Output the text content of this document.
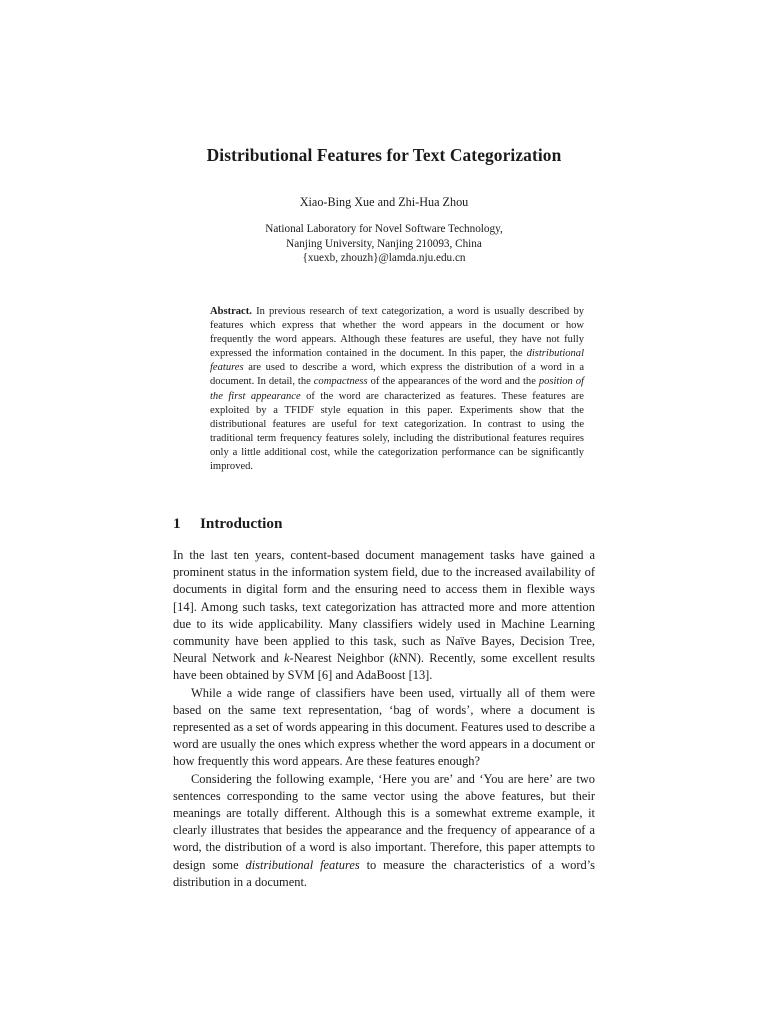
Distributional Features for Text Categorization
Xiao-Bing Xue and Zhi-Hua Zhou
National Laboratory for Novel Software Technology,
Nanjing University, Nanjing 210093, China
{xuexb, zhouzh}@lamda.nju.edu.cn

Abstract. In previous research of text categorization, a word is usually described by features which express that whether the word appears in the document or how frequently the word appears. Although these features are useful, they have not fully expressed the information contained in the document. In this paper, the distributional features are used to describe a word, which express the distribution of a word in a document. In detail, the compactness of the appearances of the word and the position of the first appearance of the word are characterized as features. These features are exploited by a TFIDF style equation in this paper. Experiments show that the distributional features are useful for text categorization. In contrast to using the traditional term frequency features solely, including the distributional features requires only a little additional cost, while the categorization performance can be significantly improved.

1 Introduction

In the last ten years, content-based document management tasks have gained a prominent status in the information system field, due to the increased availability of documents in digital form and the ensuring need to access them in flexible ways [14]. Among such tasks, text categorization has attracted more and more attention due to its wide applicability. Many classifiers widely used in Machine Learning community have been applied to this task, such as Naïve Bayes, Decision Tree, Neural Network and k-Nearest Neighbor (kNN). Recently, some excellent results have been obtained by SVM [6] and AdaBoost [13].

While a wide range of classifiers have been used, virtually all of them were based on the same text representation, ‘bag of words’, where a document is represented as a set of words appearing in this document. Features used to describe a word are usually the ones which express whether the word appears in a document or how frequently this word appears. Are these features enough?

Considering the following example, ‘Here you are’ and ‘You are here’ are two sentences corresponding to the same vector using the above features, but their meanings are totally different. Although this is a somewhat extreme example, it clearly illustrates that besides the appearance and the frequency of appearance of a word, the distribution of a word is also important. Therefore, this paper attempts to design some distributional features to measure the characteristics of a word’s distribution in a document.
